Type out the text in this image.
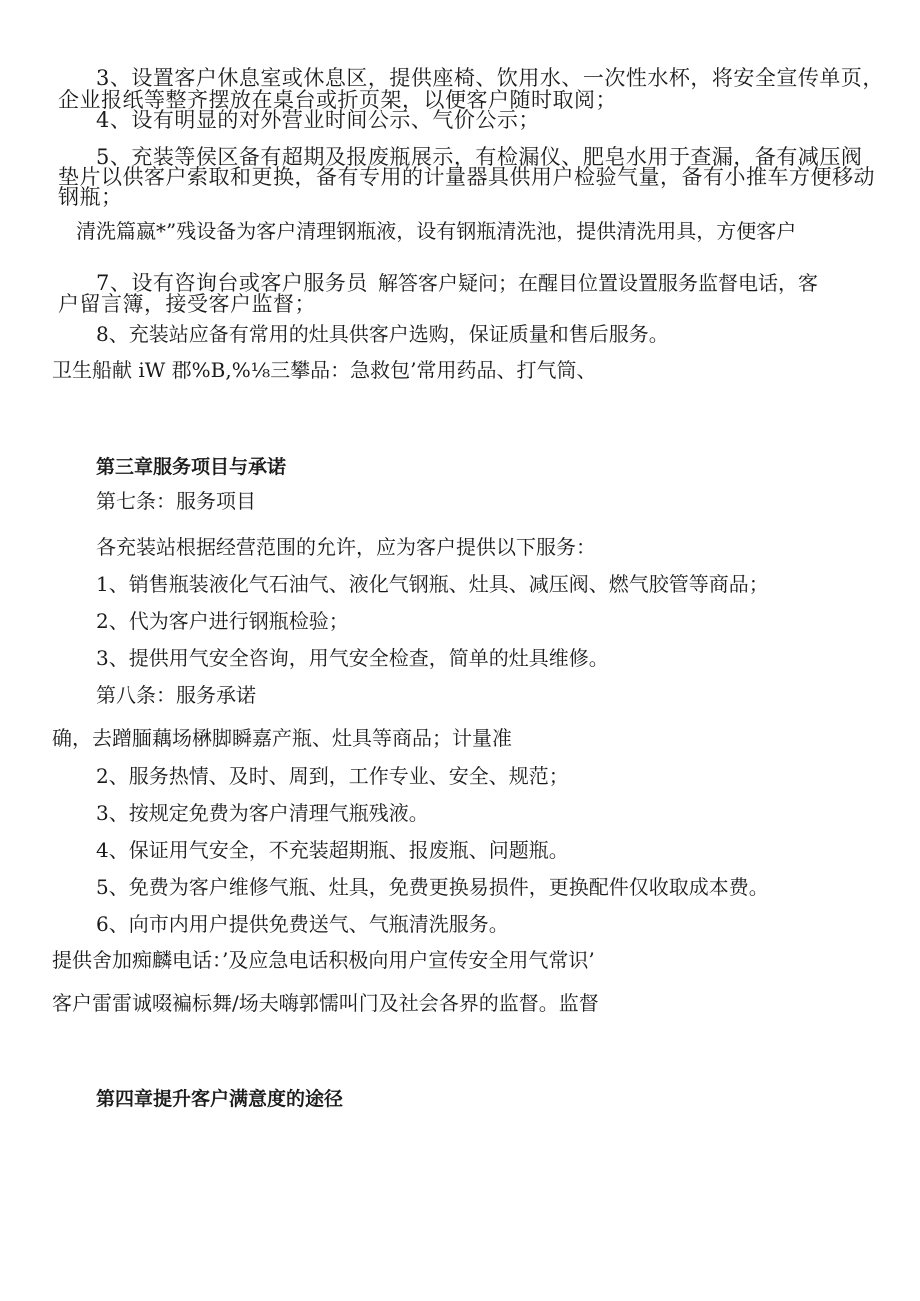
3、设置客户休息室或休息区，提供座椅、饮用水、一次性水杯，将安全宣传单页，
企业报纸等整齐摆放在桌台或折页架，以便客户随时取阅；
4、设有明显的对外营业时间公示、气价公示；
5、充装等侯区备有超期及报废瓶展示，有检漏仪、肥皂水用于查漏，备有减压阀
垫片以供客户索取和更换，备有专用的计量器具供用户检验气量，备有小推车方便移动
钢瓶；
清洗篇嬴*”残设备为客户清理钢瓶液，设有钢瓶清洗池，提供清洗用具，方便客户
7、设有咨询台或客户服务员 解答客户疑问；在醒目位置设置服务监督电话，客
户留言簿，接受客户监督；
8、充装站应备有常用的灶具供客户选购，保证质量和售后服务。
卫生船献 iW 郡%B,%⅛三攀品：急救包’常用药品、打气筒、
第三章服务项目与承诺
第七条：服务项目
各充装站根据经营范围的允许，应为客户提供以下服务：
1、销售瓶装液化气石油气、液化气钢瓶、灶具、减压阀、燃气胶管等商品；
2、代为客户进行钢瓶检验；
3、提供用气安全咨询，用气安全检查，简单的灶具维修。
第八条：服务承诺
确，去蹭腼藕场楙脚瞬嘉产瓶、灶具等商品；计量准
2、服务热情、及时、周到，工作专业、安全、规范；
3、按规定免费为客户清理气瓶残液。
4、保证用气安全，不充装超期瓶、报废瓶、问题瓶。
5、免费为客户维修气瓶、灶具，免费更换易损件，更换配件仅收取成本费。
6、向市内用户提供免费送气、气瓶清洗服务。
提供舍加痴麟电话：’及应急电话积极向用户宣传安全用气常识’
客户雷雷诚啜褊标舞/场夫嗨郭懦叫门及社会各界的监督。监督
第四章提升客户满意度的途径
